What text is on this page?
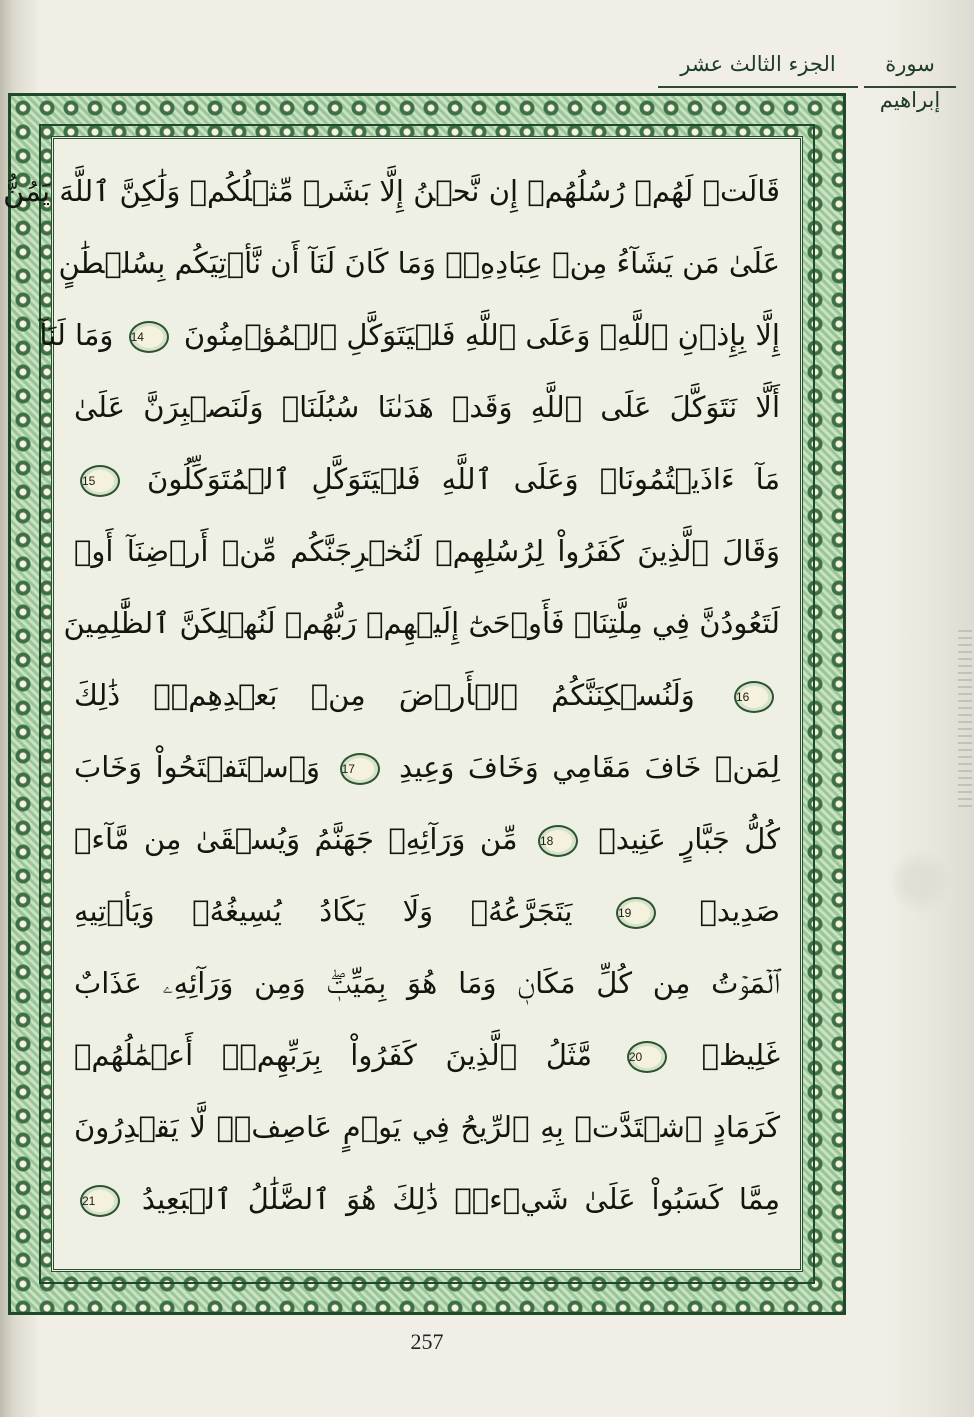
الجزء الثالث عشر	سورة إبراهيم
قَالَتۡ لَهُمۡ رُسُلُهُمۡ إِن نَّحۡنُ إِلَّا بَشَرٞ مِّثۡلُكُمۡ وَلَٰكِنَّ ٱللَّهَ يَمُنُّ
عَلَىٰ مَن يَشَآءُ مِنۡ عِبَادِهِۦۖ وَمَا كَانَ لَنَآ أَن نَّأۡتِيَكُم بِسُلۡطَٰنٍ
إِلَّا بِإِذۡنِ ٱللَّهِۚ وَعَلَى ٱللَّهِ فَلۡيَتَوَكَّلِ ٱلۡمُؤۡمِنُونَ 14 وَمَا لَنَآ
أَلَّا نَتَوَكَّلَ عَلَى ٱللَّهِ وَقَدۡ هَدَىٰنَا سُبُلَنَاۚ وَلَنَصۡبِرَنَّ عَلَىٰ
مَآ ءَاذَيۡتُمُونَاۚ وَعَلَى ٱللَّهِ فَلۡيَتَوَكَّلِ ٱلۡمُتَوَكِّلُونَ 15
وَقَالَ ٱلَّذِينَ كَفَرُواْ لِرُسُلِهِمۡ لَنُخۡرِجَنَّكُم مِّنۡ أَرۡضِنَآ أَوۡ
لَتَعُودُنَّ فِي مِلَّتِنَاۖ فَأَوۡحَىٰٓ إِلَيۡهِمۡ رَبُّهُمۡ لَنُهۡلِكَنَّ ٱلظَّٰلِمِينَ
16 وَلَنُسۡكِنَنَّكُمُ ٱلۡأَرۡضَ مِنۢ بَعۡدِهِمۡۚ ذَٰلِكَ
لِمَنۡ خَافَ مَقَامِي وَخَافَ وَعِيدِ 17 وَٱسۡتَفۡتَحُواْ وَخَابَ
كُلُّ جَبَّارٍ عَنِيدٖ 18 مِّن وَرَآئِهِۦ جَهَنَّمُ وَيُسۡقَىٰ مِن مَّآءٖ
صَدِيدٖ 19 يَتَجَرَّعُهُۥ وَلَا يَكَادُ يُسِيغُهُۥ وَيَأۡتِيهِ
ٱلۡمَوۡتُ مِن كُلِّ مَكَانٖ وَمَا هُوَ بِمَيِّتٖۖ وَمِن وَرَآئِهِۦ عَذَابٌ
غَلِيظٞ 20 مَّثَلُ ٱلَّذِينَ كَفَرُواْ بِرَبِّهِمۡۖ أَعۡمَٰلُهُمۡ
كَرَمَادٍ ٱشۡتَدَّتۡ بِهِ ٱلرِّيحُ فِي يَوۡمٍ عَاصِفٖۖ لَّا يَقۡدِرُونَ
مِمَّا كَسَبُواْ عَلَىٰ شَيۡءٖۚ ذَٰلِكَ هُوَ ٱلضَّلَٰلُ ٱلۡبَعِيدُ 21
257
